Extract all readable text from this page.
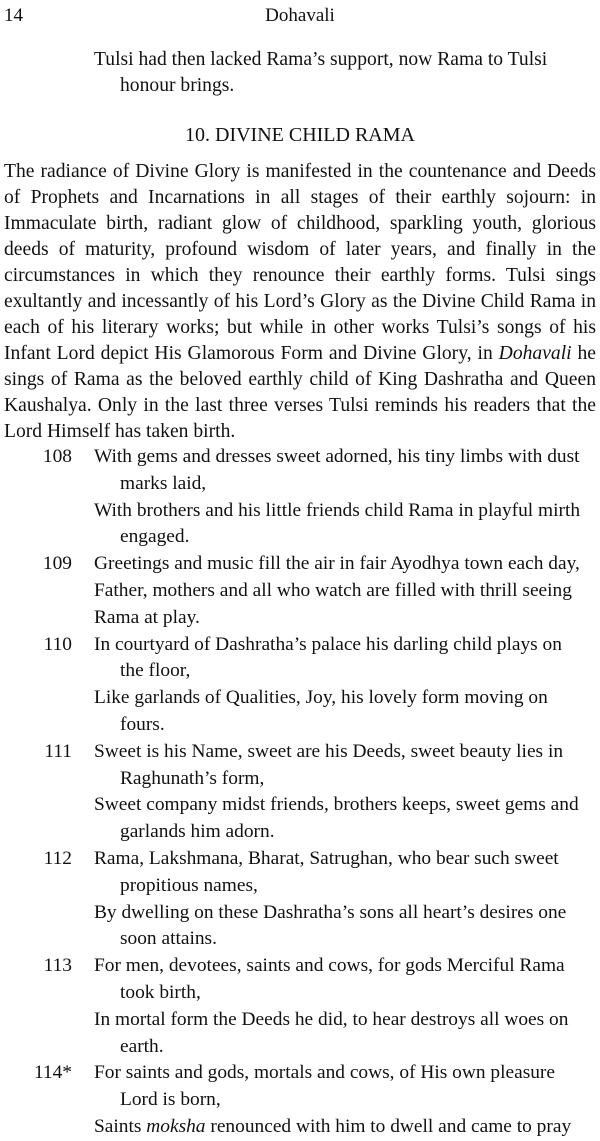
14	Dohavali
Tulsi had then lacked Rama’s support, now Rama to Tulsi
honour brings.
10. DIVINE CHILD RAMA

The radiance of Divine Glory is manifested in the countenance and Deeds of Prophets and Incarnations in all stages of their earthly sojourn: in Immaculate birth, radiant glow of childhood, sparkling youth, glorious deeds of maturity, profound wisdom of later years, and finally in the circumstances in which they renounce their earthly forms. Tulsi sings exultantly and incessantly of his Lord’s Glory as the Divine Child Rama in each of his literary works; but while in other works Tulsi’s songs of his Infant Lord depict His Glamorous Form and Divine Glory, in Dohavali he sings of Rama as the beloved earthly child of King Dashratha and Queen Kaushalya. Only in the last three verses Tulsi reminds his readers that the Lord Himself has taken birth.

108	With gems and dresses sweet adorned, his tiny limbs with dust
marks laid,
With brothers and his little friends child Rama in playful mirth
engaged.
109	Greetings and music fill the air in fair Ayodhya town each day,
Father, mothers and all who watch are filled with thrill seeing
Rama at play.
110	In courtyard of Dashratha’s palace his darling child plays on
the floor,
Like garlands of Qualities, Joy, his lovely form moving on
fours.
111	Sweet is his Name, sweet are his Deeds, sweet beauty lies in
Raghunath’s form,
Sweet company midst friends, brothers keeps, sweet gems and
garlands him adorn.
112	Rama, Lakshmana, Bharat, Satrughan, who bear such sweet
propitious names,
By dwelling on these Dashratha’s sons all heart’s desires one
soon attains.
113	For men, devotees, saints and cows, for gods Merciful Rama
took birth,
In mortal form the Deeds he did, to hear destroys all woes on
earth.
114*	For saints and gods, mortals and cows, of His own pleasure
Lord is born,
Saints moksha renounced with him to dwell and came to pray
